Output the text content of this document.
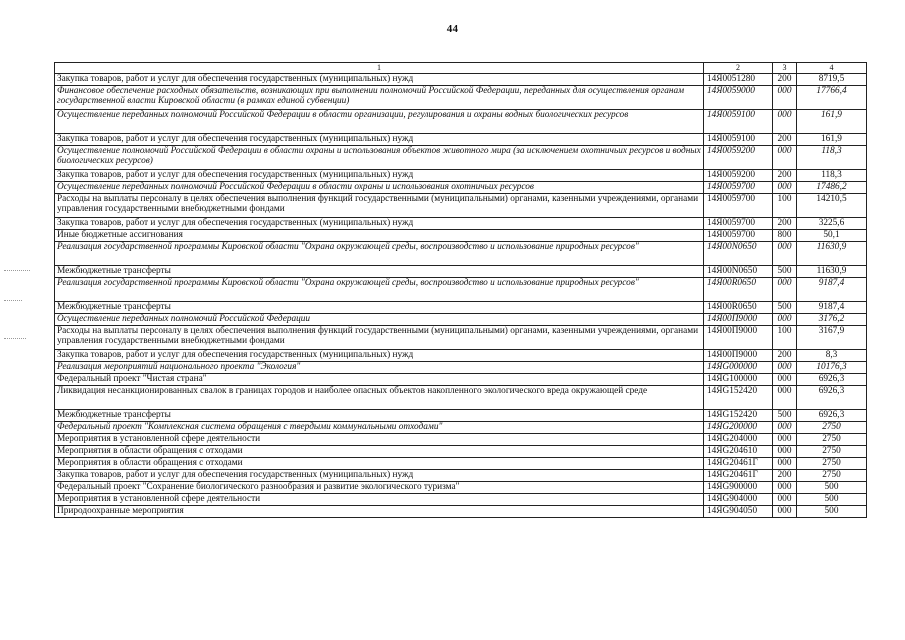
44
1	2	3	4
Закупка товаров, работ и услуг для обеспечения государственных (муниципальных) нужд	14Я0051280	200	8719,5
Финансовое обеспечение расходных обязательств, возникающих при выполнении полномочий Российской Федерации, переданных для осуществления органам государственной власти Кировской области (в рамках единой субвенции)	14Я0059000	000	17766,4
Осуществление переданных полномочий Российской Федерации в области организации, регулирования и охраны водных биологических ресурсов	14Я0059100	000	161,9
Закупка товаров, работ и услуг для обеспечения государственных (муниципальных) нужд	14Я0059100	200	161,9
Осуществление полномочий Российской Федерации в области охраны и использования объектов животного мира (за исключением охотничьих ресурсов и водных биологических ресурсов)	14Я0059200	000	118,3
Закупка товаров, работ и услуг для обеспечения государственных (муниципальных) нужд	14Я0059200	200	118,3
Осуществление переданных полномочий Российской Федерации в области охраны и использования охотничьих ресурсов	14Я0059700	000	17486,2
Расходы на выплаты персоналу в целях обеспечения выполнения функций государственными (муниципальными) органами, казенными учреждениями, органами управления государственными внебюджетными фондами	14Я0059700	100	14210,5
Закупка товаров, работ и услуг для обеспечения государственных (муниципальных) нужд	14Я0059700	200	3225,6
Иные бюджетные ассигнования	14Я0059700	800	50,1
Реализация государственной программы Кировской области "Охрана окружающей среды, воспроизводство и использование природных ресурсов"	14Я00N0650	000	11630,9
Межбюджетные трансферты	14Я00N0650	500	11630,9
Реализация государственной программы Кировской области "Охрана окружающей среды, воспроизводство и использование природных ресурсов"	14Я00R0650	000	9187,4
Межбюджетные трансферты	14Я00R0650	500	9187,4
Осуществление переданных полномочий Российской Федерации	14Я00П9000	000	3176,2
Расходы на выплаты персоналу в целях обеспечения выполнения функций государственными (муниципальными) органами, казенными учреждениями, органами управления государственными внебюджетными фондами	14Я00П9000	100	3167,9
Закупка товаров, работ и услуг для обеспечения государственных (муниципальных) нужд	14Я00П9000	200	8,3
Реализация мероприятий национального проекта "Экология"	14ЯG000000	000	10176,3
Федеральный проект "Чистая страна"	14ЯG100000	000	6926,3
Ликвидация несанкционированных свалок в границах городов и наиболее опасных объектов накопленного экологического вреда окружающей среде	14ЯG152420	000	6926,3
Межбюджетные трансферты	14ЯG152420	500	6926,3
Федеральный проект "Комплексная система обращения с твердыми коммунальными отходами"	14ЯG200000	000	2750
Мероприятия в установленной сфере деятельности	14ЯG204000	000	2750
Мероприятия в области обращения с отходами	14ЯG204610	000	2750
Мероприятия в области обращения с отходами	14ЯG20461Г	000	2750
Закупка товаров, работ и услуг для обеспечения государственных (муниципальных) нужд	14ЯG20461Г	200	2750
Федеральный проект "Сохранение биологического разнообразия и развитие экологического туризма"	14ЯG900000	000	500
Мероприятия в установленной сфере деятельности	14ЯG904000	000	500
Природоохранные мероприятия	14ЯG904050	000	500
